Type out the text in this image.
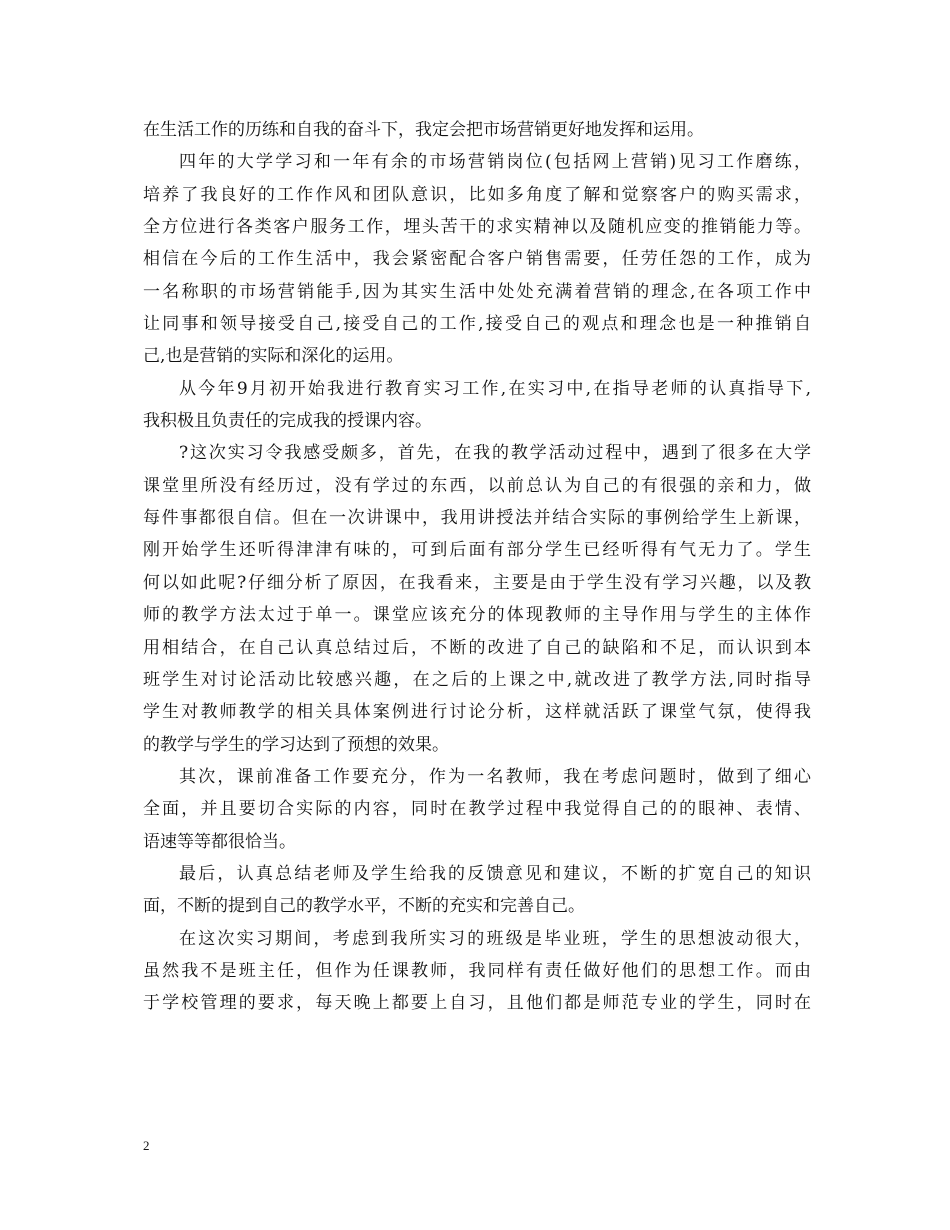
在生活工作的历练和自我的奋斗下，我定会把市场营销更好地发挥和运用。
四年的大学学习和一年有余的市场营销岗位(包括网上营销)见习工作磨练，
培养了我良好的工作作风和团队意识，比如多角度了解和觉察客户的购买需求，
全方位进行各类客户服务工作，埋头苦干的求实精神以及随机应变的推销能力等。
相信在今后的工作生活中，我会紧密配合客户销售需要，任劳任怨的工作，成为
一名称职的市场营销能手,因为其实生活中处处充满着营销的理念,在各项工作中
让同事和领导接受自己,接受自己的工作,接受自己的观点和理念也是一种推销自
己,也是营销的实际和深化的运用。
从今年9月初开始我进行教育实习工作,在实习中,在指导老师的认真指导下,
我积极且负责任的完成我的授课内容。
?这次实习令我感受颇多，首先，在我的教学活动过程中，遇到了很多在大学
课堂里所没有经历过，没有学过的东西，以前总认为自己的有很强的亲和力，做
每件事都很自信。但在一次讲课中，我用讲授法并结合实际的事例给学生上新课，
刚开始学生还听得津津有味的，可到后面有部分学生已经听得有气无力了。学生
何以如此呢?仔细分析了原因，在我看来，主要是由于学生没有学习兴趣，以及教
师的教学方法太过于单一。课堂应该充分的体现教师的主导作用与学生的主体作
用相结合，在自己认真总结过后，不断的改进了自己的缺陷和不足，而认识到本
班学生对讨论活动比较感兴趣，在之后的上课之中,就改进了教学方法,同时指导
学生对教师教学的相关具体案例进行讨论分析，这样就活跃了课堂气氛，使得我
的教学与学生的学习达到了预想的效果。
其次，课前准备工作要充分，作为一名教师，我在考虑问题时，做到了细心
全面，并且要切合实际的内容，同时在教学过程中我觉得自己的的眼神、表情、
语速等等都很恰当。
最后，认真总结老师及学生给我的反馈意见和建议，不断的扩宽自己的知识
面，不断的提到自己的教学水平，不断的充实和完善自己。
在这次实习期间，考虑到我所实习的班级是毕业班，学生的思想波动很大，
虽然我不是班主任，但作为任课教师，我同样有责任做好他们的思想工作。而由
于学校管理的要求，每天晚上都要上自习，且他们都是师范专业的学生，同时在
2
